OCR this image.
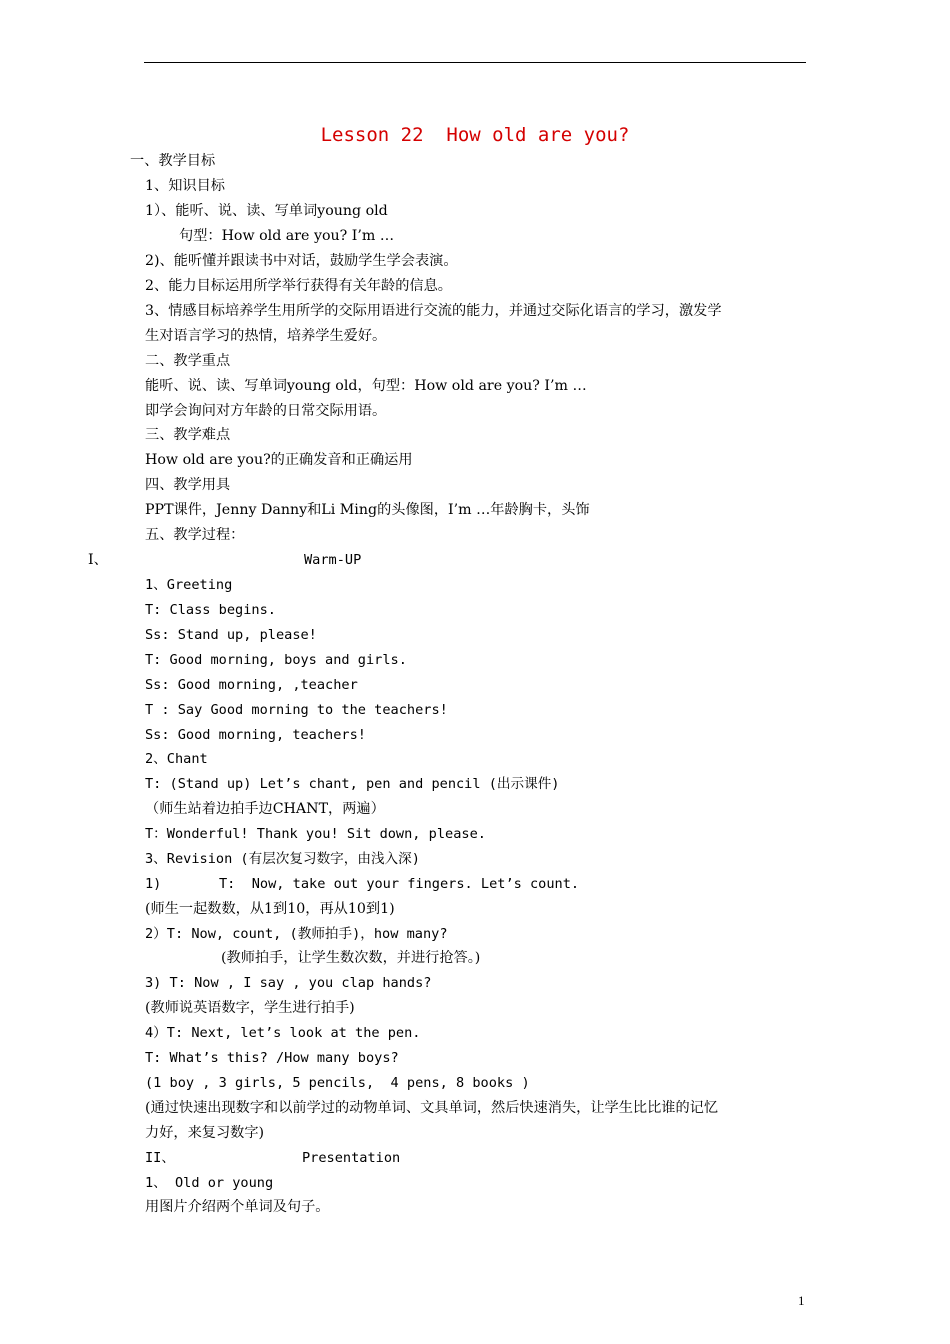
Lesson 22  How old are you?
一、教学目标
1、知识目标
1）、能听、说、读、写单词young old
句型：How old are you? I’m …
2)、能听懂并跟读书中对话，鼓励学生学会表演。
2、能力目标运用所学举行获得有关年龄的信息。
3、情感目标培养学生用所学的交际用语进行交流的能力，并通过交际化语言的学习，激发学
生对语言学习的热情，培养学生爱好。
二、教学重点
能听、说、读、写单词young old，句型：How old are you? I’m …
即学会询问对方年龄的日常交际用语。
三、教学难点
How old are you?的正确发音和正确运用
四、教学用具
PPT课件，Jenny Danny和Li Ming的头像图，I’m …年龄胸卡，头饰
五、教学过程：
I、	Warm-UP
1、Greeting
T: Class begins.
Ss: Stand up, please!
T: Good morning, boys and girls.
Ss: Good morning, ,teacher
T : Say Good morning to the teachers!
Ss: Good morning, teachers!
2、Chant
T: (Stand up) Let’s chant, pen and pencil (出示课件)
（师生站着边拍手边CHANT，两遍）
T：Wonderful! Thank you! Sit down, please.
3、Revision (有层次复习数字，由浅入深)
1)	T:  Now, take out your fingers. Let’s count.
(师生一起数数，从1到10，再从10到1)
2）T: Now, count, (教师拍手)，how many?
(教师拍手，让学生数次数，并进行抢答。)
3) T: Now , I say , you clap hands?
(教师说英语数字，学生进行拍手)
4）T: Next, let’s look at the pen.
T: What’s this? /How many boys?
(1 boy , 3 girls, 5 pencils,  4 pens, 8 books )
(通过快速出现数字和以前学过的动物单词、文具单词，然后快速消失，让学生比比谁的记忆
力好，来复习数字)
II、	Presentation
1、 Old or young
用图片介绍两个单词及句子。
1
